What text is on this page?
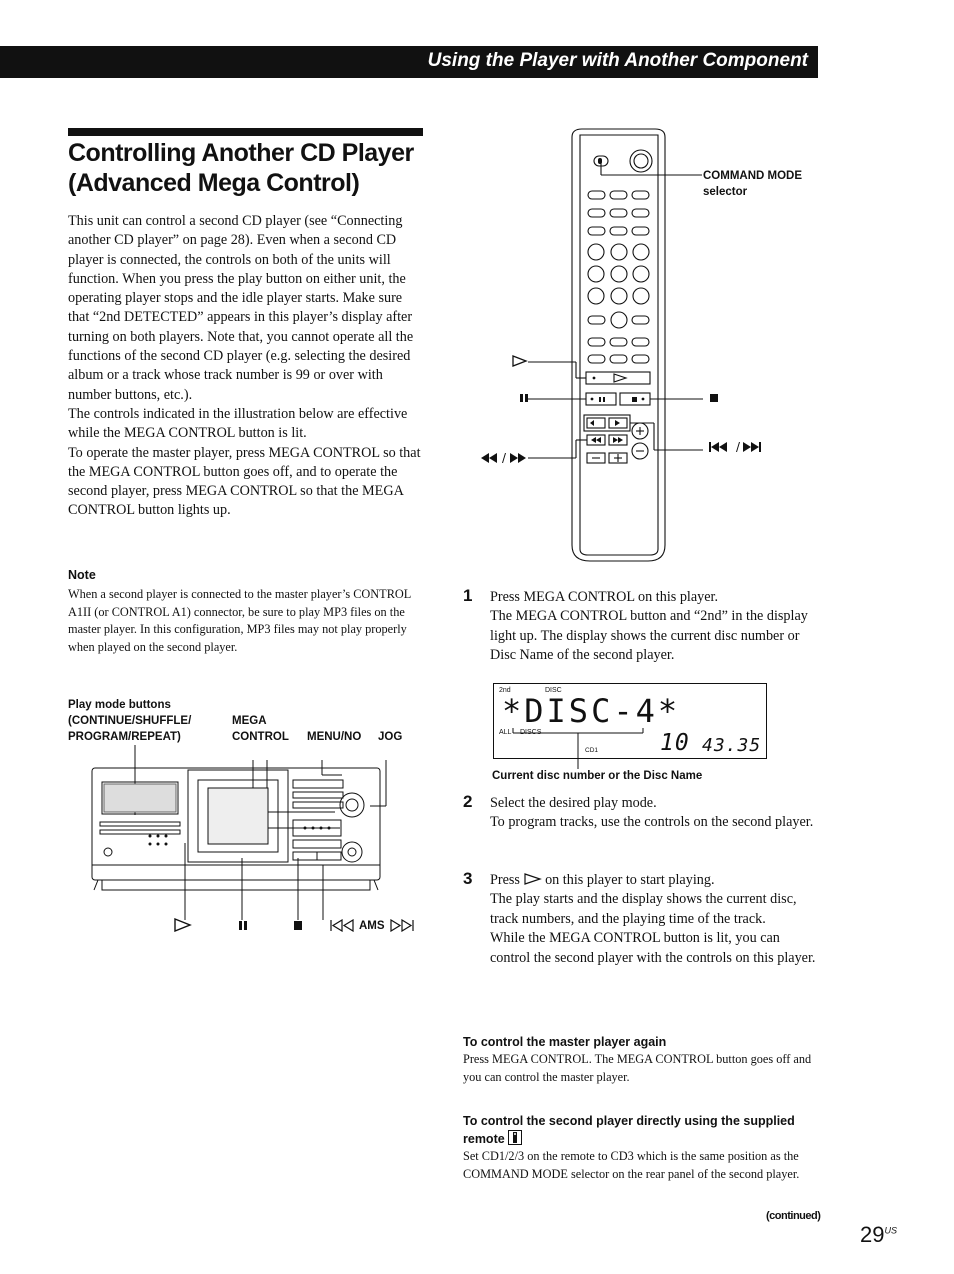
Using the Player with Another Component
Controlling Another CD Player
(Advanced Mega Control)

This unit can control a second CD player (see “Connecting another CD player” on page 28). Even when a second CD player is connected, the controls on both of the units will function. When you press the play button on either unit, the operating player stops and the idle player starts. Make sure that “2nd DETECTED” appears in this player’s display after turning on both players. Note that, you cannot operate all the functions of the second CD player (e.g. selecting the desired album or a track whose track number is 99 or over with number buttons, etc.).

The controls indicated in the illustration below are effective while the MEGA CONTROL button is lit.

To operate the master player, press MEGA CONTROL so that the MEGA CONTROL button goes off, and to operate the second player, press MEGA CONTROL so that the MEGA CONTROL button lights up.

Note
When a second player is connected to the master player’s CONTROL A1II (or CONTROL A1) connector, be sure to play MP3 files on the master player. In this configuration, MP3 files may not play properly when played on the second player.
Play mode buttons
(CONTINUE/SHUFFLE/
PROGRAM/REPEAT)
MEGA
CONTROL MENU/NO JOG
AMS
COMMAND MODE
selector
1 Press MEGA CONTROL on this player.

The MEGA CONTROL button and “2nd” in the display light up. The display shows the current disc number or Disc Name of the second player.

2nd	DISC
ALL DISCS
CD1
*DISC-4*
10 43.35
Current disc number or the Disc Name
2 Select the desired play mode.

To program tracks, use the controls on the second player.

3 Press on this player to start playing.

The play starts and the display shows the current disc, track numbers, and the playing time of the track.

While the MEGA CONTROL button is lit, you can control the second player with the controls on this player.

To control the master player again
Press MEGA CONTROL. The MEGA CONTROL button goes off and you can control the master player.
To control the second player directly using the supplied
remote
Set CD1/2/3 on the remote to CD3 which is the same position as the COMMAND MODE selector on the rear panel of the second player.
(continued)
$29^{US}$
